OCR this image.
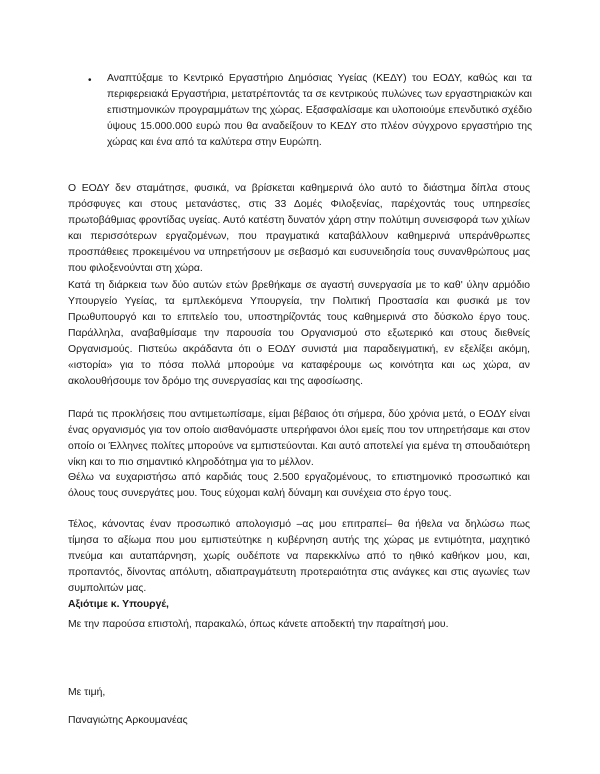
• Αναπτύξαμε το Κεντρικό Εργαστήριο Δημόσιας Υγείας (ΚΕΔΥ) του ΕΟΔΥ, καθώς και τα περιφερειακά Εργαστήρια, μετατρέποντάς τα σε κεντρικούς πυλώνες των εργαστηριακών και επιστημονικών προγραμμάτων της χώρας. Εξασφαλίσαμε και υλοποιούμε επενδυτικό σχέδιο ύψους 15.000.000 ευρώ που θα αναδείξουν το ΚΕΔΥ στο πλέον σύγχρονο εργαστήριο της χώρας και ένα από τα καλύτερα στην Ευρώπη.

Ο ΕΟΔΥ δεν σταμάτησε, φυσικά, να βρίσκεται καθημερινά όλο αυτό το διάστημα δίπλα στους πρόσφυγες και στους μετανάστες, στις 33 Δομές Φιλοξενίας, παρέχοντάς τους υπηρεσίες πρωτοβάθμιας φροντίδας υγείας. Αυτό κατέστη δυνατόν χάρη στην πολύτιμη συνεισφορά των χιλίων και περισσότερων εργαζομένων, που πραγματικά καταβάλλουν καθημερινά υπεράνθρωπες προσπάθειες προκειμένου να υπηρετήσουν με σεβασμό και ευσυνειδησία τους συνανθρώπους μας που φιλοξενούνται στη χώρα.

Κατά τη διάρκεια των δύο αυτών ετών βρεθήκαμε σε αγαστή συνεργασία με το καθ' ύλην αρμόδιο Υπουργείο Υγείας, τα εμπλεκόμενα Υπουργεία, την Πολιτική Προστασία και φυσικά με τον Πρωθυπουργό και το επιτελείο του, υποστηρίζοντάς τους καθημερινά στο δύσκολο έργο τους. Παράλληλα, αναβαθμίσαμε την παρουσία του Οργανισμού στο εξωτερικό και στους διεθνείς Οργανισμούς. Πιστεύω ακράδαντα ότι ο ΕΟΔΥ συνιστά μια παραδειγματική, εν εξελίξει ακόμη, «ιστορία» για το πόσα πολλά μπορούμε να καταφέρουμε ως κοινότητα και ως χώρα, αν ακολουθήσουμε τον δρόμο της συνεργασίας και της αφοσίωσης.

Παρά τις προκλήσεις που αντιμετωπίσαμε, είμαι βέβαιος ότι σήμερα, δύο χρόνια μετά, ο ΕΟΔΥ είναι ένας οργανισμός για τον οποίο αισθανόμαστε υπερήφανοι όλοι εμείς που τον υπηρετήσαμε και στον οποίο οι Έλληνες πολίτες μπορούνε να εμπιστεύονται. Και αυτό αποτελεί για εμένα τη σπουδαιότερη νίκη και το πιο σημαντικό κληροδότημα για το μέλλον.

Θέλω να ευχαριστήσω από καρδιάς τους 2.500 εργαζομένους, το επιστημονικό προσωπικό και όλους τους συνεργάτες μου. Τους εύχομαι καλή δύναμη και συνέχεια στο έργο τους.

Τέλος, κάνοντας έναν προσωπικό απολογισμό –ας μου επιτραπεί– θα ήθελα να δηλώσω πως τίμησα το αξίωμα που μου εμπιστεύτηκε η κυβέρνηση αυτής της χώρας με εντιμότητα, μαχητικό πνεύμα και αυταπάρνηση, χωρίς ουδέποτε να παρεκκλίνω από το ηθικό καθήκον μου, και, προπαντός, δίνοντας απόλυτη, αδιαπραγμάτευτη προτεραιότητα στις ανάγκες και στις αγωνίες των συμπολιτών μας.

Αξιότιμε κ. Υπουργέ,

Με την παρούσα επιστολή, παρακαλώ, όπως κάνετε αποδεκτή την παραίτησή μου.

Με τιμή,
Παναγιώτης Αρκουμανέας
